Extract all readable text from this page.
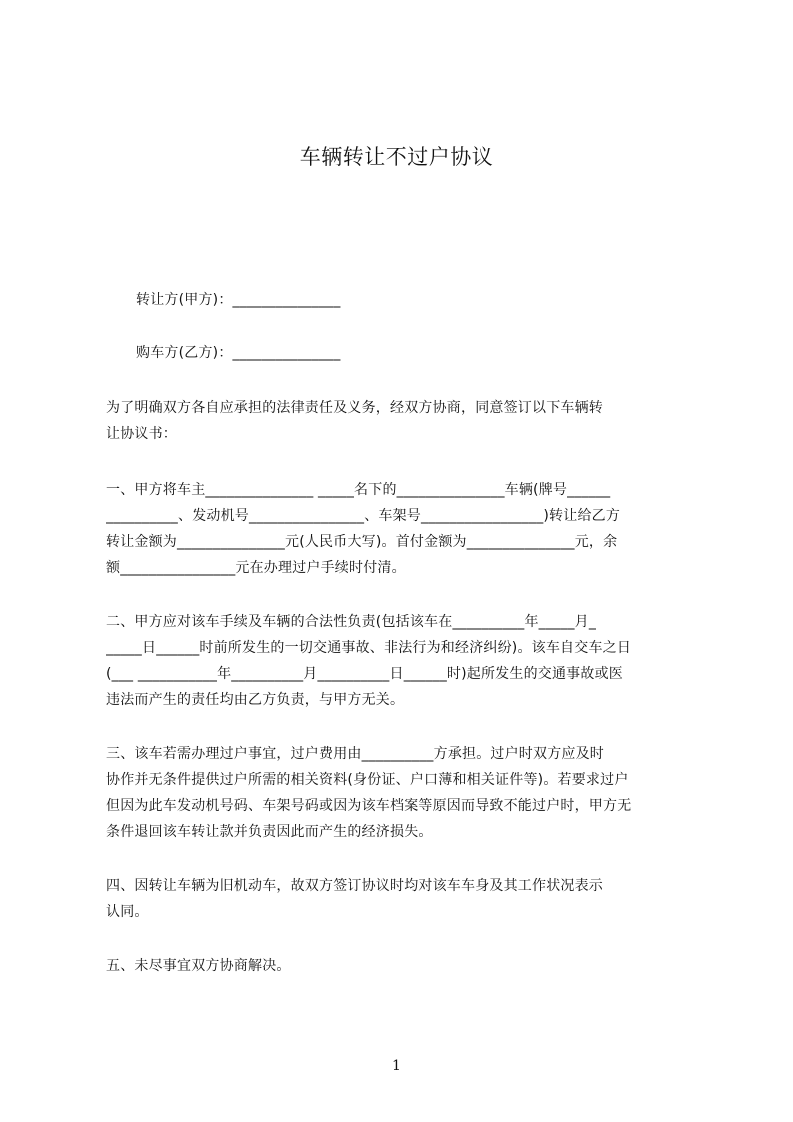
车辆转让不过户协议
转让方(甲方)：_______________
购车方(乙方)：_______________
为了明确双方各自应承担的法律责任及义务，经双方协商，同意签订以下车辆转
让协议书：
一、甲方将车主_______________ _____名下的_______________车辆(牌号______
__________、发动机号________________、车架号_________________)转让给乙方
转让金额为_______________元(人民币大写)。首付金额为_______________元，余
额________________元在办理过户手续时付清。
二、甲方应对该车手续及车辆的合法性负责(包括该车在__________年_____月_
_____日______时前所发生的一切交通事故、非法行为和经济纠纷)。该车自交车之日
(___ ___________年__________月__________日______时)起所发生的交通事故或医
违法而产生的责任均由乙方负责，与甲方无关。
三、该车若需办理过户事宜，过户费用由__________方承担。过户时双方应及时
协作并无条件提供过户所需的相关资料(身份证、户口薄和相关证件等)。若要求过户
但因为此车发动机号码、车架号码或因为该车档案等原因而导致不能过户时，甲方无
条件退回该车转让款并负责因此而产生的经济损失。
四、因转让车辆为旧机动车，故双方签订协议时均对该车车身及其工作状况表示
认同。
五、未尽事宜双方协商解决。
1
